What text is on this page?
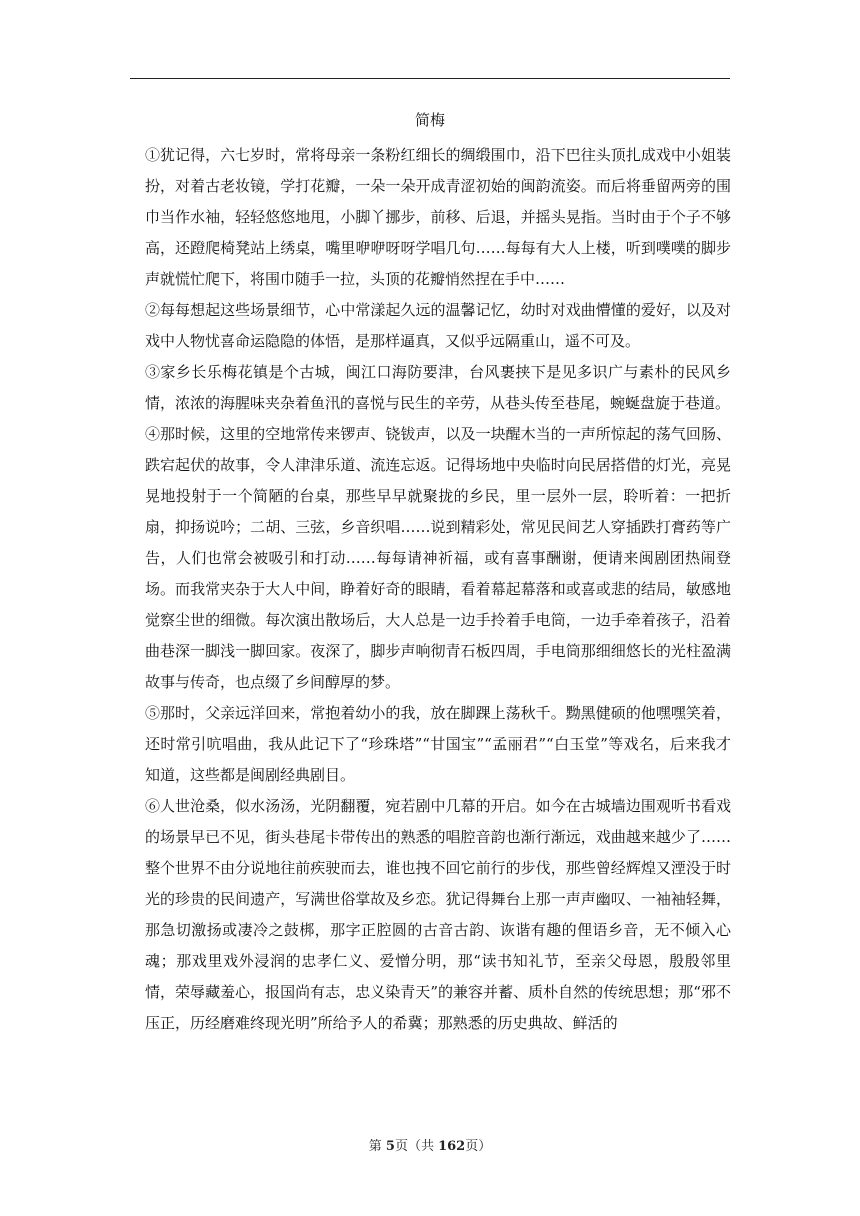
简梅

①犹记得，六七岁时，常将母亲一条粉红细长的绸缎围巾，沿下巴往头顶扎成戏中小姐装扮，对着古老妆镜，学打花瓣，一朵一朵开成青涩初始的闽韵流姿。而后将垂留两旁的围巾当作水袖，轻轻悠悠地甩，小脚丫挪步，前移、后退，并摇头晃指。当时由于个子不够高，还蹬爬椅凳站上绣桌，嘴里咿咿呀呀学唱几句……每每有大人上楼，听到噗噗的脚步声就慌忙爬下，将围巾随手一拉，头顶的花瓣悄然捏在手中……

②每每想起这些场景细节，心中常漾起久远的温馨记忆，幼时对戏曲懵懂的爱好，以及对戏中人物忧喜命运隐隐的体悟，是那样逼真，又似乎远隔重山，遥不可及。

③家乡长乐梅花镇是个古城，闽江口海防要津，台风裹挟下是见多识广与素朴的民风乡情，浓浓的海腥味夹杂着鱼汛的喜悦与民生的辛劳，从巷头传至巷尾，蜿蜒盘旋于巷道。

④那时候，这里的空地常传来锣声、铙钹声，以及一块醒木当的一声所惊起的荡气回肠、跌宕起伏的故事，令人津津乐道、流连忘返。记得场地中央临时向民居搭借的灯光，亮晃晃地投射于一个简陋的台桌，那些早早就聚拢的乡民，里一层外一层，聆听着：一把折扇，抑扬说吟；二胡、三弦，乡音织唱……说到精彩处，常见民间艺人穿插跌打膏药等广告，人们也常会被吸引和打动……每每请神祈福，或有喜事酬谢，便请来闽剧团热闹登场。而我常夹杂于大人中间，睁着好奇的眼睛，看着幕起幕落和或喜或悲的结局，敏感地觉察尘世的细微。每次演出散场后，大人总是一边手拎着手电筒，一边手牵着孩子，沿着曲巷深一脚浅一脚回家。夜深了，脚步声响彻青石板四周，手电筒那细细悠长的光柱盈满故事与传奇，也点缀了乡间醇厚的梦。

⑤那时，父亲远洋回来，常抱着幼小的我，放在脚踝上荡秋千。黝黑健硕的他嘿嘿笑着，还时常引吭唱曲，我从此记下了“珍珠塔”“甘国宝”“孟丽君”“白玉堂”等戏名，后来我才知道，这些都是闽剧经典剧目。

⑥人世沧桑，似水汤汤，光阴翻覆，宛若剧中几幕的开启。如今在古城墙边围观听书看戏的场景早已不见，街头巷尾卡带传出的熟悉的唱腔音韵也渐行渐远，戏曲越来越少了……整个世界不由分说地往前疾驶而去，谁也拽不回它前行的步伐，那些曾经辉煌又湮没于时光的珍贵的民间遗产，写满世俗掌故及乡恋。犹记得舞台上那一声声幽叹、一袖袖轻舞，那急切激扬或凄冷之鼓梆，那字正腔圆的古音古韵、诙谐有趣的俚语乡音，无不倾入心魂；那戏里戏外浸润的忠孝仁义、爱憎分明，那“读书知礼节，至亲父母恩，殷殷邻里情，荣辱藏羞心，报国尚有志，忠义染青天”的兼容并蓄、质朴自然的传统思想；那“邪不压正，历经磨难终现光明”所给予人的希冀；那熟悉的历史典故、鲜活的

第 5页（共 162页）
